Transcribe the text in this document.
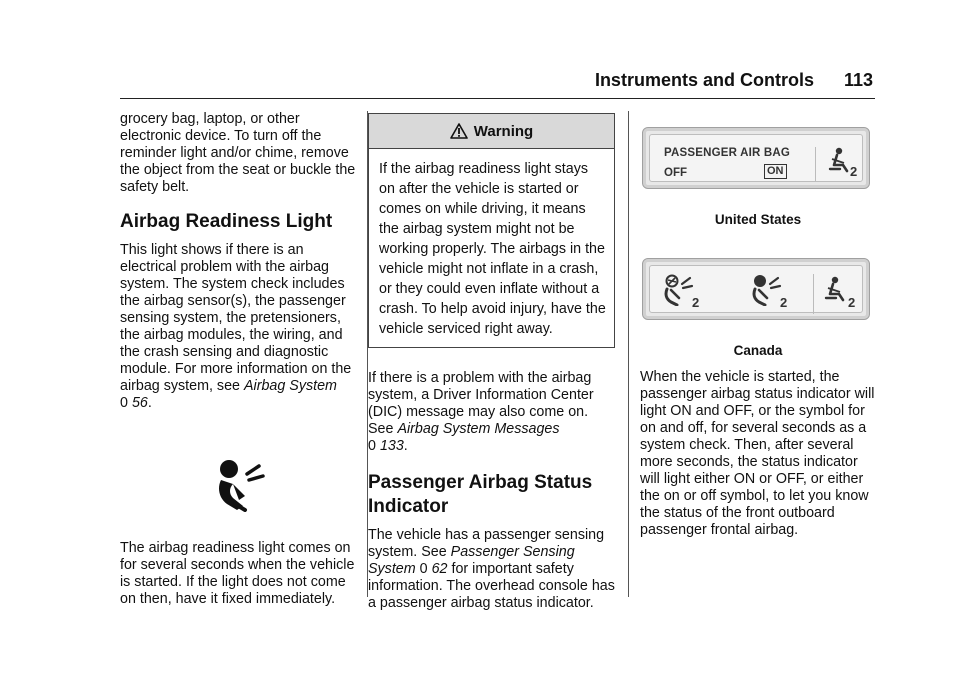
Instruments and Controls 113

grocery bag, laptop, or other electronic device. To turn off the reminder light and/or chime, remove the object from the seat or buckle the safety belt.

Airbag Readiness Light

This light shows if there is an electrical problem with the airbag system. The system check includes the airbag sensor(s), the passenger sensing system, the pretensioners, the airbag modules, the wiring, and the crash sensing and diagnostic module. For more information on the airbag system, see Airbag System
0 56.

The airbag readiness light comes on for several seconds when the vehicle is started. If the light does not come on then, have it fixed immediately.

Warning
If the airbag readiness light stays on after the vehicle is started or comes on while driving, it means the airbag system might not be working properly. The airbags in the vehicle might not inflate in a crash, or they could even inflate without a crash. To help avoid injury, have the vehicle serviced right away.

If there is a problem with the airbag system, a Driver Information Center (DIC) message may also come on. See Airbag System Messages
0 133.

Passenger Airbag Status Indicator

The vehicle has a passenger sensing system. See Passenger Sensing System 0 62 for important safety information. The overhead console has a passenger airbag status indicator.

PASSENGER AIR BAG
OFF	ON	2
United States
2	2	2
Canada

When the vehicle is started, the passenger airbag status indicator will light ON and OFF, or the symbol for on and off, for several seconds as a system check. Then, after several more seconds, the status indicator will light either ON or OFF, or either the on or off symbol, to let you know the status of the front outboard passenger frontal airbag.
